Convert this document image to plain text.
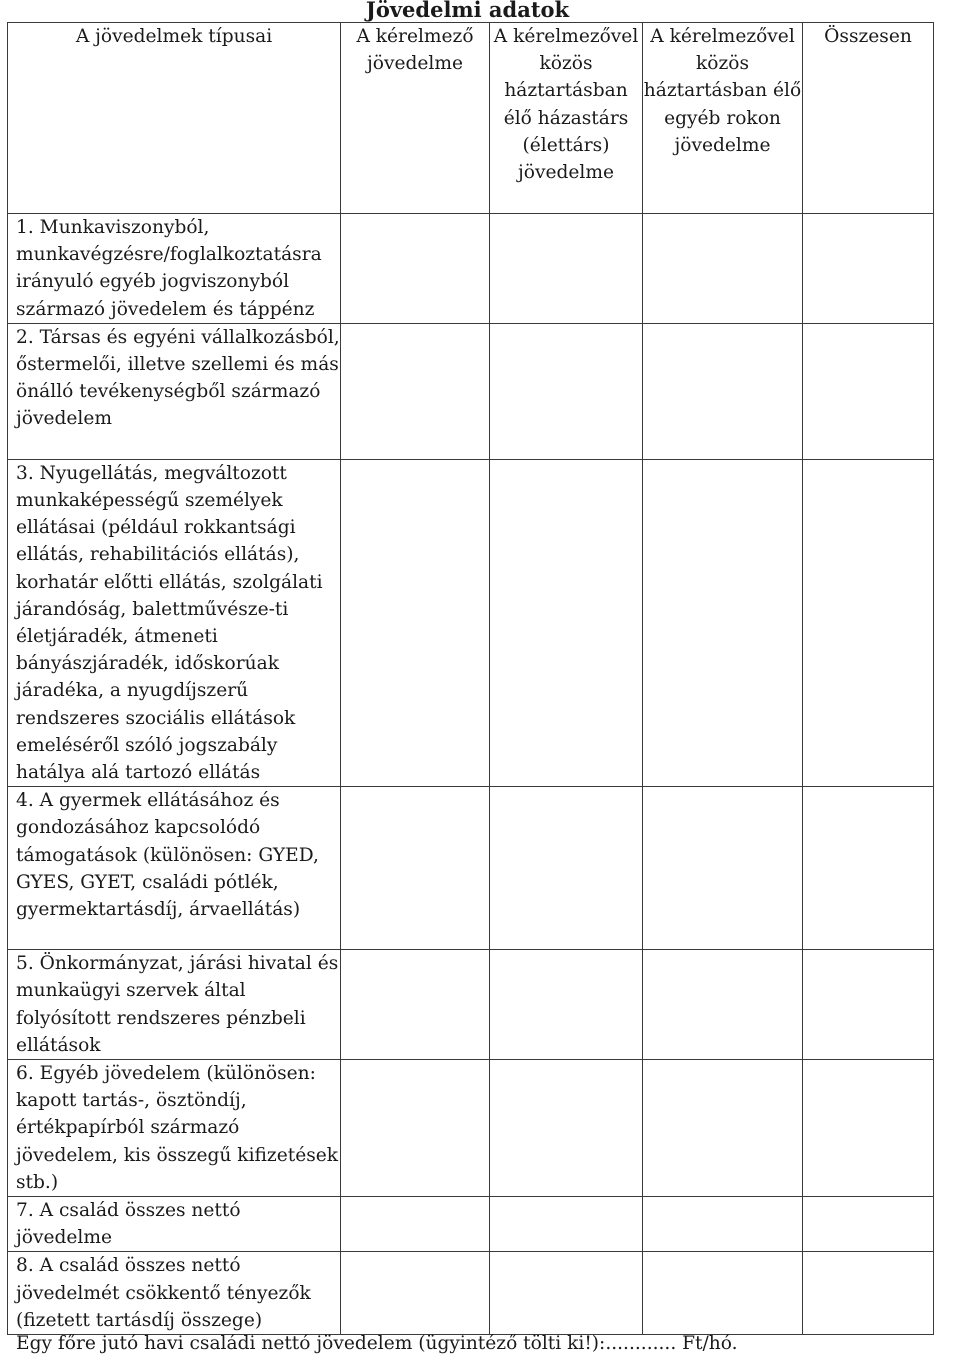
Jövedelmi adatok
A jövedelmek típusai	A kérelmező jövedelme	A kérelmezővel közös háztartásban élő házastárs (élettárs) jövedelme	A kérelmezővel közös háztartásban élő egyéb rokon jövedelme	Összesen
1. Munkaviszonyból, munkavégzésre/foglalkoztatásra irányuló egyéb jogviszonyból származó jövedelem és táppénz				
2. Társas és egyéni vállalkozásból, őstermelői, illetve szellemi és más önálló tevékenységből származó jövedelem				
3. Nyugellátás, megváltozott munkaképességű személyek ellátásai (például rokkantsági ellátás, rehabilitációs ellátás), korhatár előtti ellátás, szolgálati járandóság, balettművésze-ti életjáradék, átmeneti bányászjáradék, időskorúak járadéka, a nyugdíjszerű rendszeres szociális ellátások emeléséről szóló jogszabály hatálya alá tartozó ellátás				
4. A gyermek ellátásához és gondozásához kapcsolódó támogatások (különösen: GYED, GYES, GYET, családi pótlék, gyermektartásdíj, árvaellátás)				
5. Önkormányzat, járási hivatal és munkaügyi szervek által folyósított rendszeres pénzbeli ellátások				
6. Egyéb jövedelem (különösen: kapott tartás-, ösztöndíj, értékpapírból származó jövedelem, kis összegű kifizetések stb.)				
7. A család összes nettó jövedelme				
8. A család összes nettó jövedelmét csökkentő tényezők (fizetett tartásdíj összege)				
Egy főre jutó havi családi nettó jövedelem (ügyintéző tölti ki!):............ Ft/hó.
